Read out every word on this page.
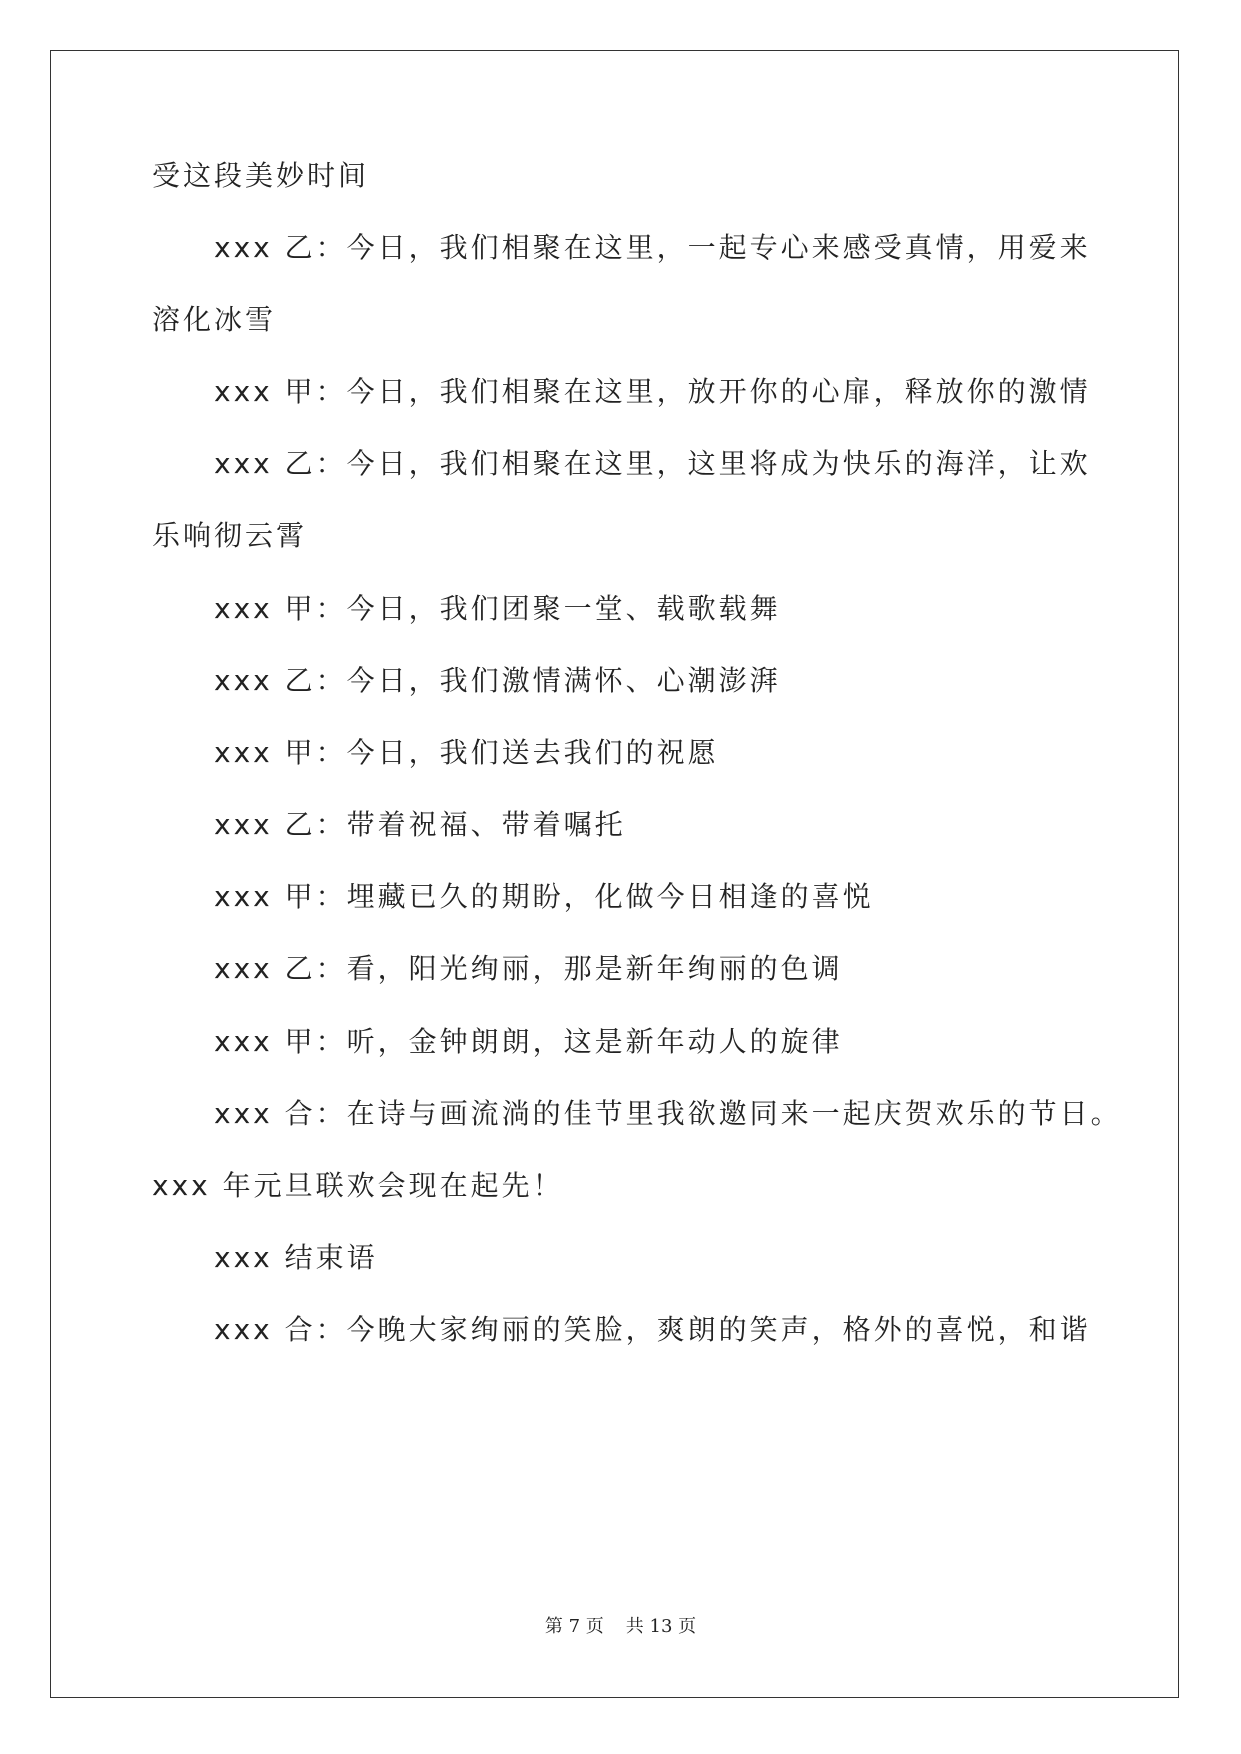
受这段美妙时间
xxx 乙：今日，我们相聚在这里，一起专心来感受真情，用爱来
溶化冰雪
xxx 甲：今日，我们相聚在这里，放开你的心扉，释放你的激情
xxx 乙：今日，我们相聚在这里，这里将成为快乐的海洋，让欢
乐响彻云霄
xxx 甲：今日，我们团聚一堂、载歌载舞
xxx 乙：今日，我们激情满怀、心潮澎湃
xxx 甲：今日，我们送去我们的祝愿
xxx 乙：带着祝福、带着嘱托
xxx 甲：埋藏已久的期盼，化做今日相逢的喜悦
xxx 乙：看，阳光绚丽，那是新年绚丽的色调
xxx 甲：听，金钟朗朗，这是新年动人的旋律
xxx 合：在诗与画流淌的佳节里我欲邀同来一起庆贺欢乐的节日。
xxx 年元旦联欢会现在起先！
xxx 结束语
xxx 合：今晚大家绚丽的笑脸，爽朗的笑声，格外的喜悦，和谐
第 7 页 共 13 页
